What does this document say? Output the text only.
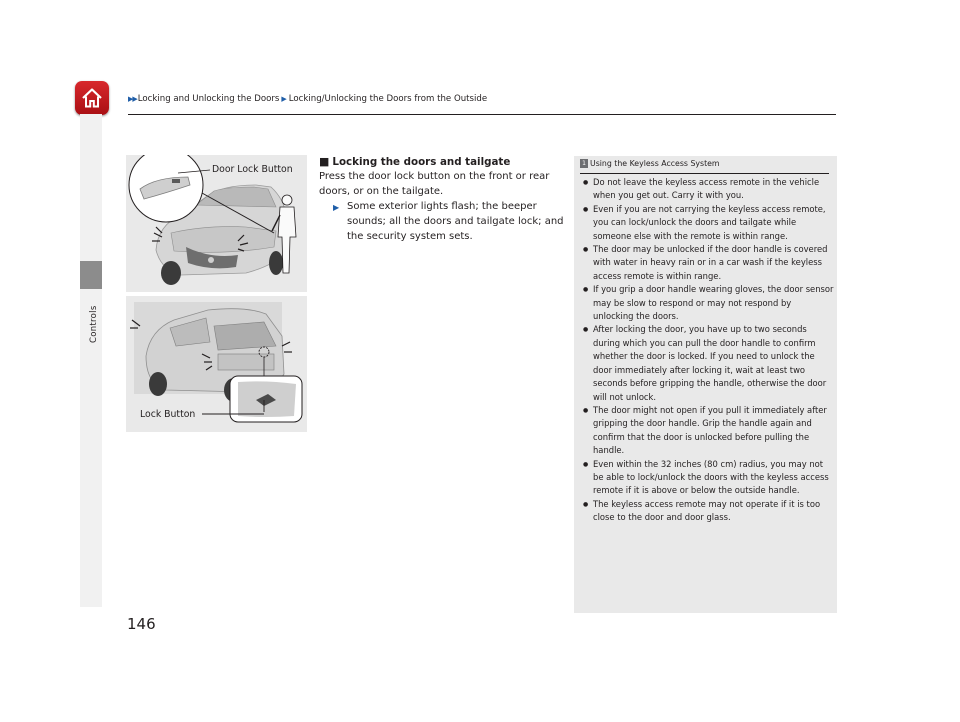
▶▶ Locking and Unlocking the Doors ▶ Locking/Unlocking the Doors from the Outside
Controls
146
Door Lock Button
Lock Button
■ Locking the doors and tailgate
Press the door lock button on the front or rear doors, or on the tailgate.
▶ Some exterior lights flash; the beeper sounds; all the doors and tailgate lock; and the security system sets.
1 Using the Keyless Access System
● Do not leave the keyless access remote in the vehicle when you get out. Carry it with you.
● Even if you are not carrying the keyless access remote, you can lock/unlock the doors and tailgate while someone else with the remote is within range.
● The door may be unlocked if the door handle is covered with water in heavy rain or in a car wash if the keyless access remote is within range.
● If you grip a door handle wearing gloves, the door sensor may be slow to respond or may not respond by unlocking the doors.
● After locking the door, you have up to two seconds during which you can pull the door handle to confirm whether the door is locked. If you need to unlock the door immediately after locking it, wait at least two seconds before gripping the handle, otherwise the door will not unlock.
● The door might not open if you pull it immediately after gripping the door handle. Grip the handle again and confirm that the door is unlocked before pulling the handle.
● Even within the 32 inches (80 cm) radius, you may not be able to lock/unlock the doors with the keyless access remote if it is above or below the outside handle.
● The keyless access remote may not operate if it is too close to the door and door glass.
